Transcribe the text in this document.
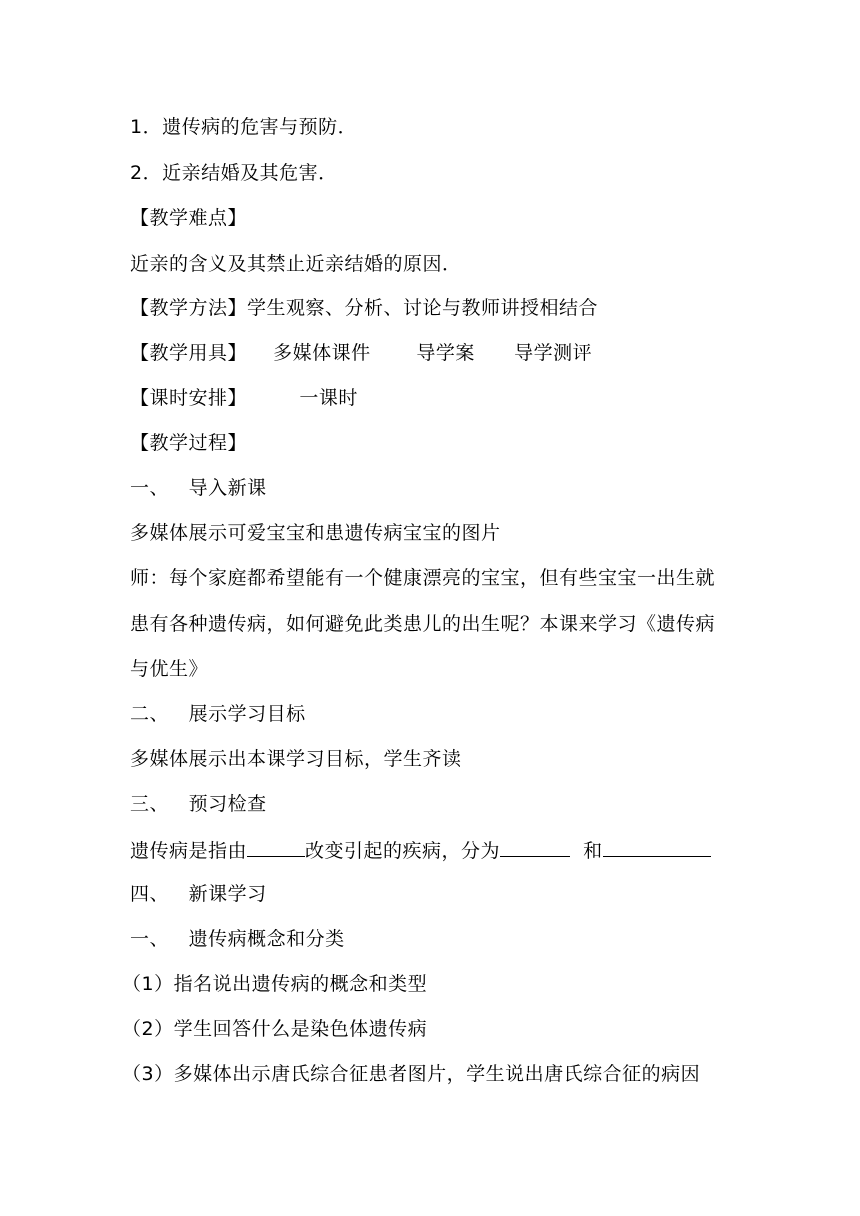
1．遗传病的危害与预防．
2．近亲结婚及其危害．
【教学难点】
近亲的含义及其禁止近亲结婚的原因．
【教学方法】学生观察、分析、讨论与教师讲授相结合
【教学用具】    多媒体课件       导学案      导学测评
【课时安排】        一课时
【教学过程】
一、   导入新课
多媒体展示可爱宝宝和患遗传病宝宝的图片
师：每个家庭都希望能有一个健康漂亮的宝宝，但有些宝宝一出生就
患有各种遗传病，如何避免此类患儿的出生呢？本课来学习《遗传病
与优生》
二、   展示学习目标
多媒体展示出本课学习目标，学生齐读
三、   预习检查
遗传病是指由	改变引起的疾病，分为	和
四、   新课学习
一、   遗传病概念和分类
（1）指名说出遗传病的概念和类型
（2）学生回答什么是染色体遗传病
（3）多媒体出示唐氏综合征患者图片，学生说出唐氏综合征的病因
